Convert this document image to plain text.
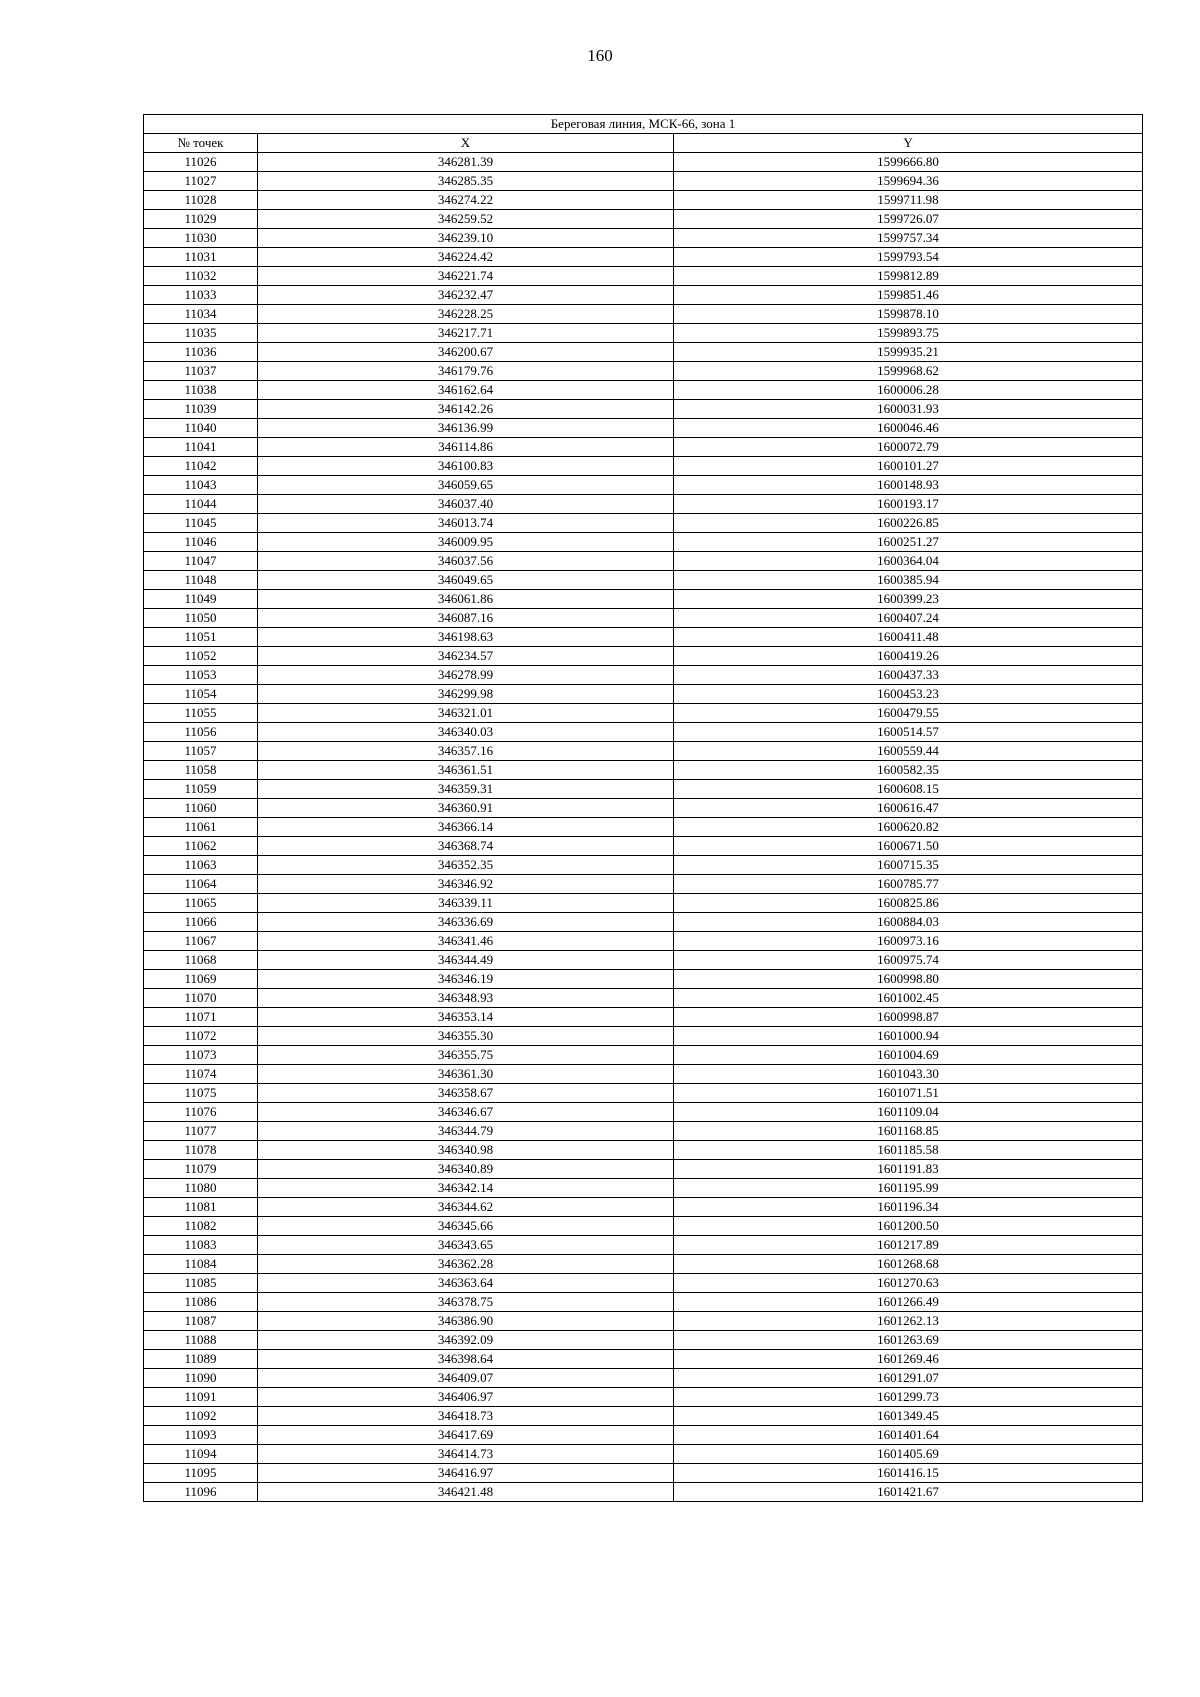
160
Береговая линия, МСК-66, зона 1		
№ точек	X	Y
11026	346281.39	1599666.80
11027	346285.35	1599694.36
11028	346274.22	1599711.98
11029	346259.52	1599726.07
11030	346239.10	1599757.34
11031	346224.42	1599793.54
11032	346221.74	1599812.89
11033	346232.47	1599851.46
11034	346228.25	1599878.10
11035	346217.71	1599893.75
11036	346200.67	1599935.21
11037	346179.76	1599968.62
11038	346162.64	1600006.28
11039	346142.26	1600031.93
11040	346136.99	1600046.46
11041	346114.86	1600072.79
11042	346100.83	1600101.27
11043	346059.65	1600148.93
11044	346037.40	1600193.17
11045	346013.74	1600226.85
11046	346009.95	1600251.27
11047	346037.56	1600364.04
11048	346049.65	1600385.94
11049	346061.86	1600399.23
11050	346087.16	1600407.24
11051	346198.63	1600411.48
11052	346234.57	1600419.26
11053	346278.99	1600437.33
11054	346299.98	1600453.23
11055	346321.01	1600479.55
11056	346340.03	1600514.57
11057	346357.16	1600559.44
11058	346361.51	1600582.35
11059	346359.31	1600608.15
11060	346360.91	1600616.47
11061	346366.14	1600620.82
11062	346368.74	1600671.50
11063	346352.35	1600715.35
11064	346346.92	1600785.77
11065	346339.11	1600825.86
11066	346336.69	1600884.03
11067	346341.46	1600973.16
11068	346344.49	1600975.74
11069	346346.19	1600998.80
11070	346348.93	1601002.45
11071	346353.14	1600998.87
11072	346355.30	1601000.94
11073	346355.75	1601004.69
11074	346361.30	1601043.30
11075	346358.67	1601071.51
11076	346346.67	1601109.04
11077	346344.79	1601168.85
11078	346340.98	1601185.58
11079	346340.89	1601191.83
11080	346342.14	1601195.99
11081	346344.62	1601196.34
11082	346345.66	1601200.50
11083	346343.65	1601217.89
11084	346362.28	1601268.68
11085	346363.64	1601270.63
11086	346378.75	1601266.49
11087	346386.90	1601262.13
11088	346392.09	1601263.69
11089	346398.64	1601269.46
11090	346409.07	1601291.07
11091	346406.97	1601299.73
11092	346418.73	1601349.45
11093	346417.69	1601401.64
11094	346414.73	1601405.69
11095	346416.97	1601416.15
11096	346421.48	1601421.67
